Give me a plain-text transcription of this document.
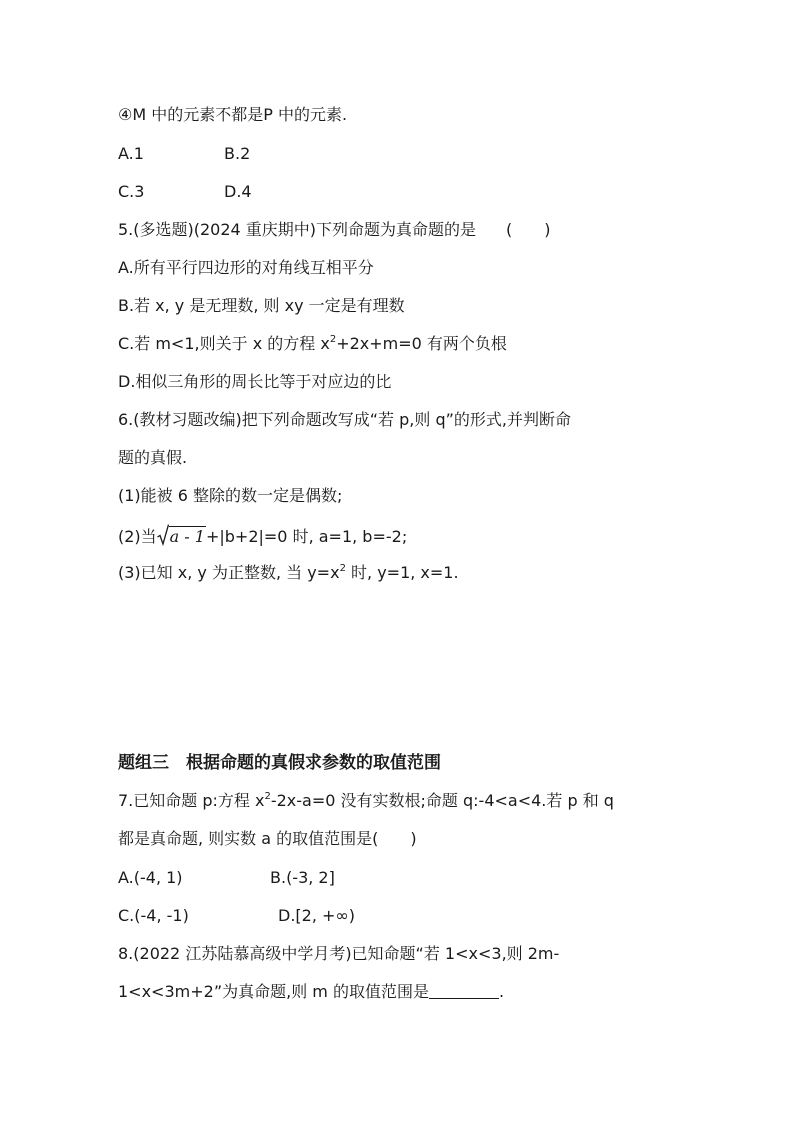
④M 中的元素不都是P 中的元素.
A.1	B.2
C.3	D.4
5.(多选题)(2024 重庆期中)下列命题为真命题的是 (　　)
A.所有平行四边形的对角线互相平分
B.若 x, y 是无理数, 则 xy 一定是有理数
C.若 m<1,则关于 x 的方程 $x^2+2x+m=0$ 有两个负根
D.相似三角形的周长比等于对应边的比
6.(教材习题改编)把下列命题改写成“若 p,则 q”的形式,并判断命
题的真假.
(1)能被 6 整除的数一定是偶数;
(2)当 a - 1 +|b+2|=0 时, a=1, b=-2;
(3)已知 x, y 为正整数, 当 $y=x^2$ 时, y=1, x=1.
题组三　根据命题的真假求参数的取值范围
7.已知命题 p:方程 $x^2-2x-a=0$ 没有实数根;命题 q:-4<a<4.若 p 和 q
都是真命题, 则实数 a 的取值范围是(　　)
A.(-4, 1)	B.(-3, 2]
C.(-4, -1)	D.[2, +∞)
8.(2022 江苏陆慕高级中学月考)已知命题“若 1<x<3,则 2m-
1<x<3m+2”为真命题,则 m 的取值范围是	.
